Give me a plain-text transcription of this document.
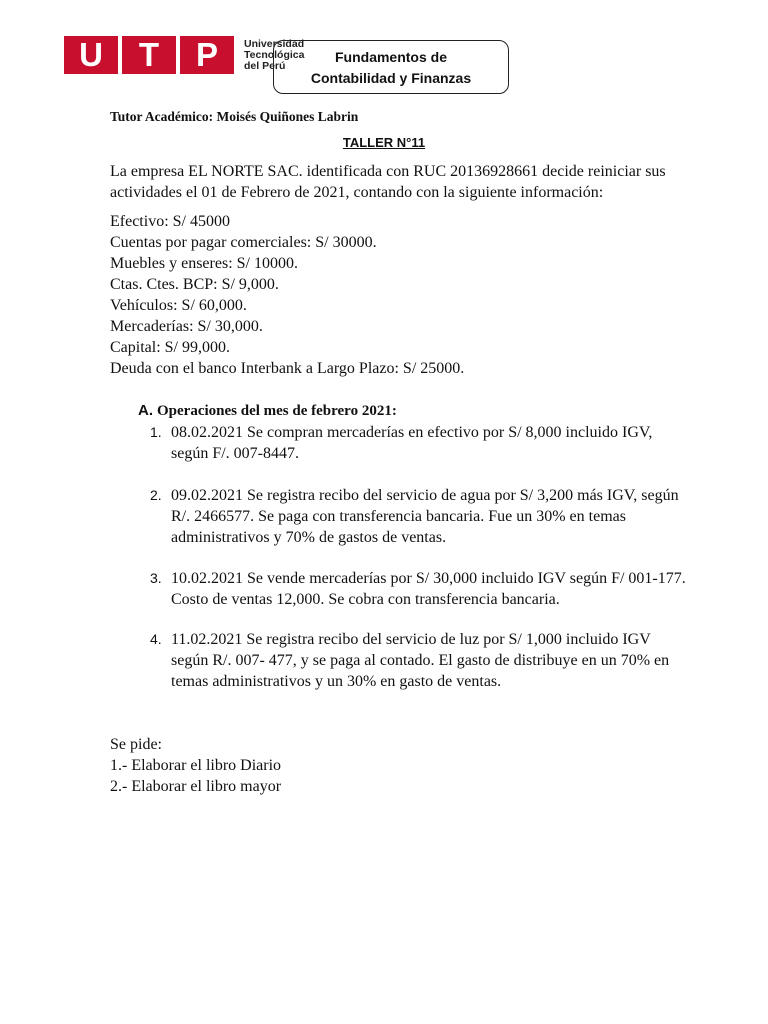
U	T	P	Universidad
Tecnológica
del Perú
Fundamentos de
Contabilidad y Finanzas
Tutor Académico: Moisés Quiñones Labrin
TALLER N°11
La empresa EL NORTE SAC. identificada con RUC 20136928661 decide reiniciar sus actividades el 01 de Febrero de 2021, contando con la siguiente información:
Efectivo: S/ 45000
Cuentas por pagar comerciales: S/ 30000.
Muebles y enseres: S/ 10000.
Ctas. Ctes. BCP: S/ 9,000.
Vehículos: S/ 60,000.
Mercaderías: S/ 30,000.
Capital: S/ 99,000.
Deuda con el banco Interbank a Largo Plazo: S/ 25000.
A. Operaciones del mes de febrero 2021:
1. 08.02.2021 Se compran mercaderías en efectivo por S/ 8,000 incluido IGV, según F/. 007-8447.
2. 09.02.2021 Se registra recibo del servicio de agua por S/ 3,200 más IGV, según R/. 2466577. Se paga con transferencia bancaria. Fue un 30% en temas administrativos y 70% de gastos de ventas.
3. 10.02.2021 Se vende mercaderías por S/ 30,000 incluido IGV según F/ 001-177. Costo de ventas 12,000. Se cobra con transferencia bancaria.
4. 11.02.2021 Se registra recibo del servicio de luz por S/ 1,000 incluido IGV según R/. 007- 477, y se paga al contado. El gasto de distribuye en un 70% en temas administrativos y un 30% en gasto de ventas.
Se pide:
1.- Elaborar el libro Diario
2.- Elaborar el libro mayor
